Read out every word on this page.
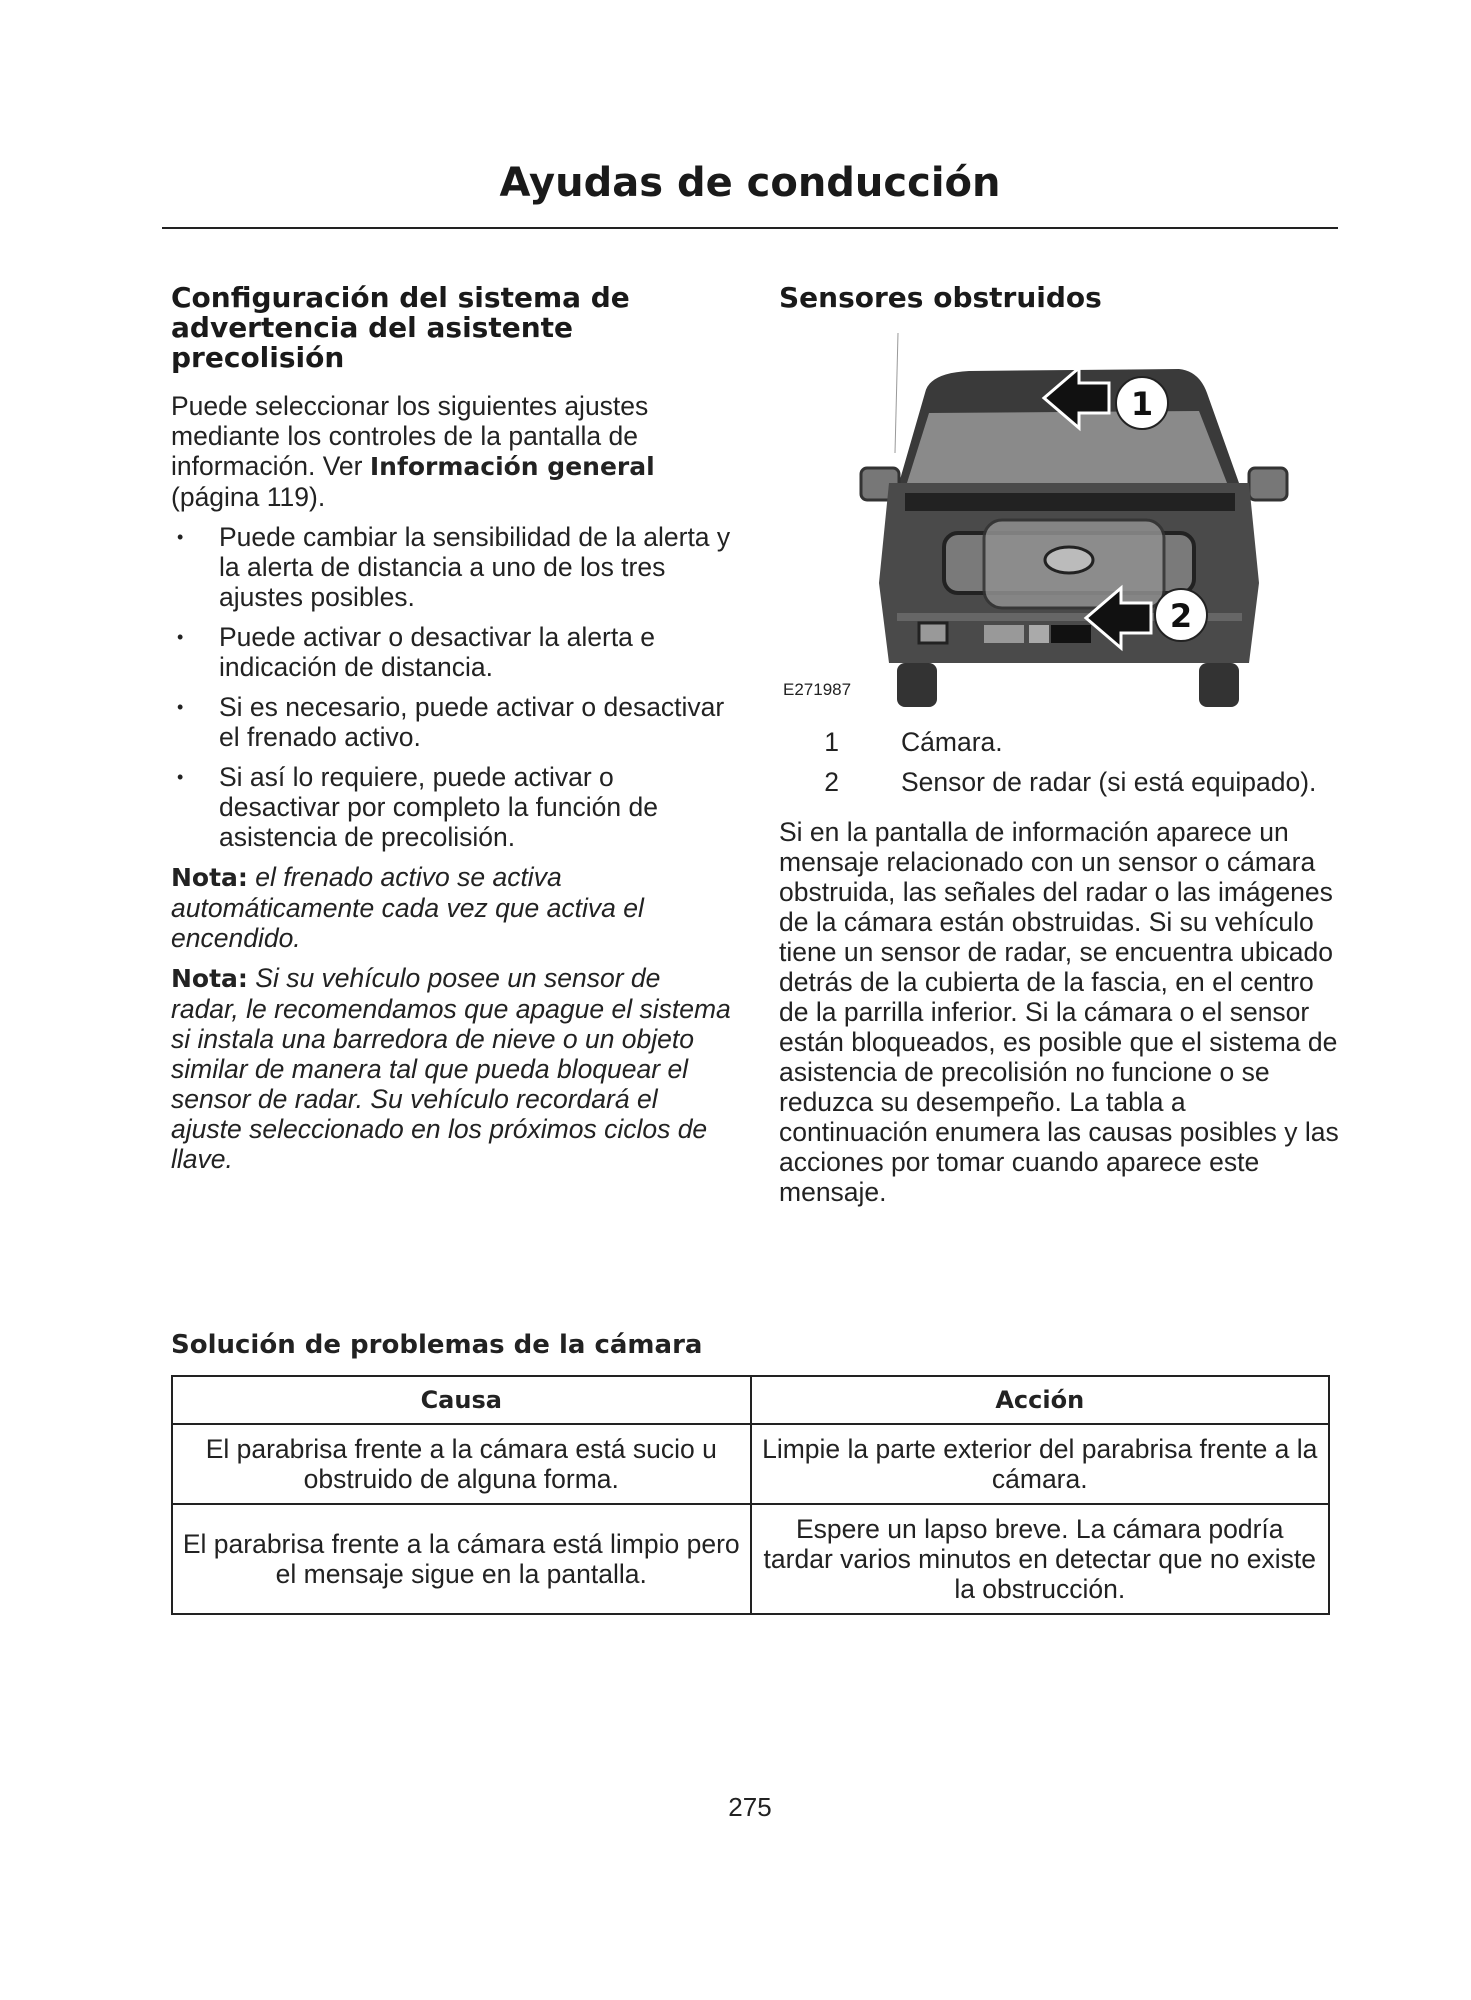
Ayudas de conducción
Configuración del sistema de advertencia del asistente precolisión

Puede seleccionar los siguientes ajustes mediante los controles de la pantalla de información. Ver Información general (página 119).

• Puede cambiar la sensibilidad de la alerta y la alerta de distancia a uno de los tres ajustes posibles.
• Puede activar o desactivar la alerta e indicación de distancia.
• Si es necesario, puede activar o desactivar el frenado activo.
• Si así lo requiere, puede activar o desactivar por completo la función de asistencia de precolisión.

Nota: el frenado activo se activa automáticamente cada vez que activa el encendido.

Nota: Si su vehículo posee un sensor de radar, le recomendamos que apague el sistema si instala una barredora de nieve o un objeto similar de manera tal que pueda bloquear el sensor de radar. Su vehículo recordará el ajuste seleccionado en los próximos ciclos de llave.

Sensores obstruidos
1
2
E271987
1	Cámara.
2	Sensor de radar (si está equipado).

Si en la pantalla de información aparece un mensaje relacionado con un sensor o cámara obstruida, las señales del radar o las imágenes de la cámara están obstruidas. Si su vehículo tiene un sensor de radar, se encuentra ubicado detrás de la cubierta de la fascia, en el centro de la parrilla inferior. Si la cámara o el sensor están bloqueados, es posible que el sistema de asistencia de precolisión no funcione o se reduzca su desempeño. La tabla a continuación enumera las causas posibles y las acciones por tomar cuando aparece este mensaje.

Solución de problemas de la cámara
Causa	Acción
El parabrisa frente a la cámara está sucio u obstruido de alguna forma.	Limpie la parte exterior del parabrisa frente a la cámara.
El parabrisa frente a la cámara está limpio pero el mensaje sigue en la pantalla.	Espere un lapso breve. La cámara podría tardar varios minutos en detectar que no existe la obstrucción.
275
